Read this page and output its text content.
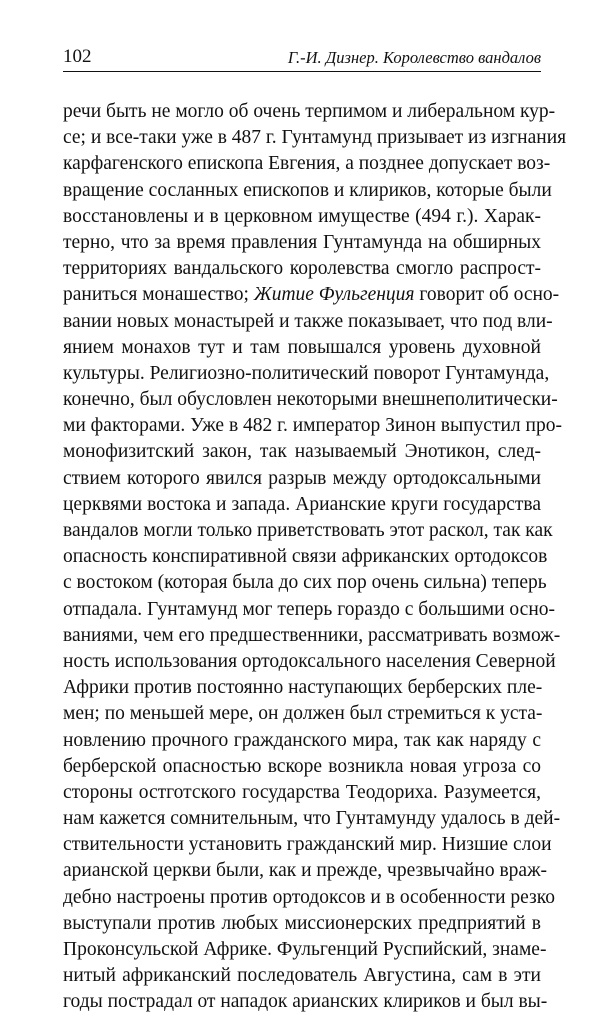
102	Г.-И. Дизнер. Королевство вандалов
речи быть не могло об очень терпимом и либеральном кур-
се; и все-таки уже в 487 г. Гунтамунд призывает из изгнания
карфагенского епископа Евгения, а позднее допускает воз-
вращение сосланных епископов и клириков, которые были
восстановлены и в церковном имуществе (494 г.). Харак-
терно, что за время правления Гунтамунда на обширных
территориях вандальского королевства смогло распрост-
раниться монашество; Житие Фульгенция говорит об осно-
вании новых монастырей и также показывает, что под вли-
янием монахов тут и там повышался уровень духовной
культуры. Религиозно-политический поворот Гунтамунда,
конечно, был обусловлен некоторыми внешнеполитически-
ми факторами. Уже в 482 г. император Зинон выпустил про-
монофизитский закон, так называемый Энотикон, след-
ствием которого явился разрыв между ортодоксальными
церквями востока и запада. Арианские круги государства
вандалов могли только приветствовать этот раскол, так как
опасность конспиративной связи африканских ортодоксов
с востоком (которая была до сих пор очень сильна) теперь
отпадала. Гунтамунд мог теперь гораздо с большими осно-
ваниями, чем его предшественники, рассматривать возмож-
ность использования ортодоксального населения Северной
Африки против постоянно наступающих берберских пле-
мен; по меньшей мере, он должен был стремиться к уста-
новлению прочного гражданского мира, так как наряду с
берберской опасностью вскоре возникла новая угроза со
стороны остготского государства Теодориха. Разумеется,
нам кажется сомнительным, что Гунтамунду удалось в дей-
ствительности установить гражданский мир. Низшие слои
арианской церкви были, как и прежде, чрезвычайно враж-
дебно настроены против ортодоксов и в особенности резко
выступали против любых миссионерских предприятий в
Проконсульской Африке. Фульгенций Руспийский, знаме-
нитый африканский последователь Августина, сам в эти
годы пострадал от нападок арианских клириков и был вы-
